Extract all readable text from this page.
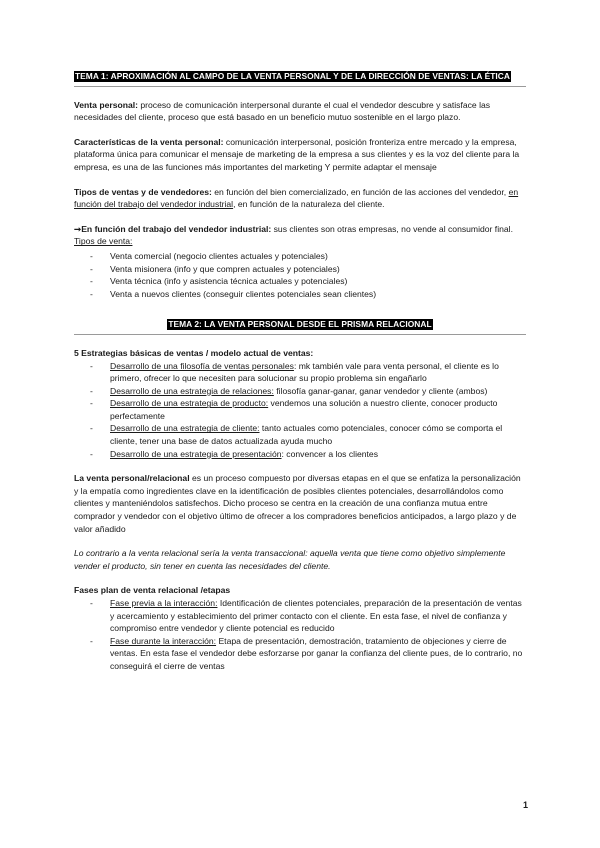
TEMA 1: APROXIMACIÓN AL CAMPO DE LA VENTA PERSONAL Y DE LA DIRECCIÓN DE VENTAS: LA ÉTICA

Venta personal: proceso de comunicación interpersonal durante el cual el vendedor descubre y satisface las necesidades del cliente, proceso que está basado en un beneficio mutuo sostenible en el largo plazo.

Características de la venta personal: comunicación interpersonal, posición fronteriza entre mercado y la empresa, plataforma única para comunicar el mensaje de marketing de la empresa a sus clientes y es la voz del cliente para la empresa, es una de las funciones más importantes del marketing Y permite adaptar el mensaje

Tipos de ventas y de vendedores: en función del bien comercializado, en función de las acciones del vendedor, en función del trabajo del vendedor industrial, en función de la naturaleza del cliente.

➞En función del trabajo del vendedor industrial: sus clientes son otras empresas, no vende al consumidor final. Tipos de venta:

- Venta comercial (negocio clientes actuales y potenciales)
- Venta misionera (info y que compren actuales y potenciales)
- Venta técnica (info y asistencia técnica actuales y potenciales)
- Venta a nuevos clientes (conseguir clientes potenciales sean clientes)
TEMA 2: LA VENTA PERSONAL DESDE EL PRISMA RELACIONAL

5 Estrategias básicas de ventas / modelo actual de ventas:

- Desarrollo de una filosofía de ventas personales: mk también vale para venta personal, el cliente es lo primero, ofrecer lo que necesiten para solucionar su propio problema sin engañarlo
- Desarrollo de una estrategia de relaciones: filosofía ganar-ganar, ganar vendedor y cliente (ambos)
- Desarrollo de una estrategia de producto: vendemos una solución a nuestro cliente, conocer producto perfectamente
- Desarrollo de una estrategia de cliente: tanto actuales como potenciales, conocer cómo se comporta el cliente, tener una base de datos actualizada ayuda mucho
- Desarrollo de una estrategia de presentación: convencer a los clientes

La venta personal/relacional es un proceso compuesto por diversas etapas en el que se enfatiza la personalización y la empatía como ingredientes clave en la identificación de posibles clientes potenciales, desarrollándolos como clientes y manteniéndolos satisfechos. Dicho proceso se centra en la creación de una confianza mutua entre comprador y vendedor con el objetivo último de ofrecer a los compradores beneficios anticipados, a largo plazo y de valor añadido

Lo contrario a la venta relacional sería la venta transaccional: aquella venta que tiene como objetivo simplemente vender el producto, sin tener en cuenta las necesidades del cliente.

Fases plan de venta relacional /etapas

- Fase previa a la interacción: Identificación de clientes potenciales, preparación de la presentación de ventas y acercamiento y establecimiento del primer contacto con el cliente. En esta fase, el nivel de confianza y compromiso entre vendedor y cliente potencial es reducido
- Fase durante la interacción: Etapa de presentación, demostración, tratamiento de objeciones y cierre de ventas. En esta fase el vendedor debe esforzarse por ganar la confianza del cliente pues, de lo contrario, no conseguirá el cierre de ventas
1
